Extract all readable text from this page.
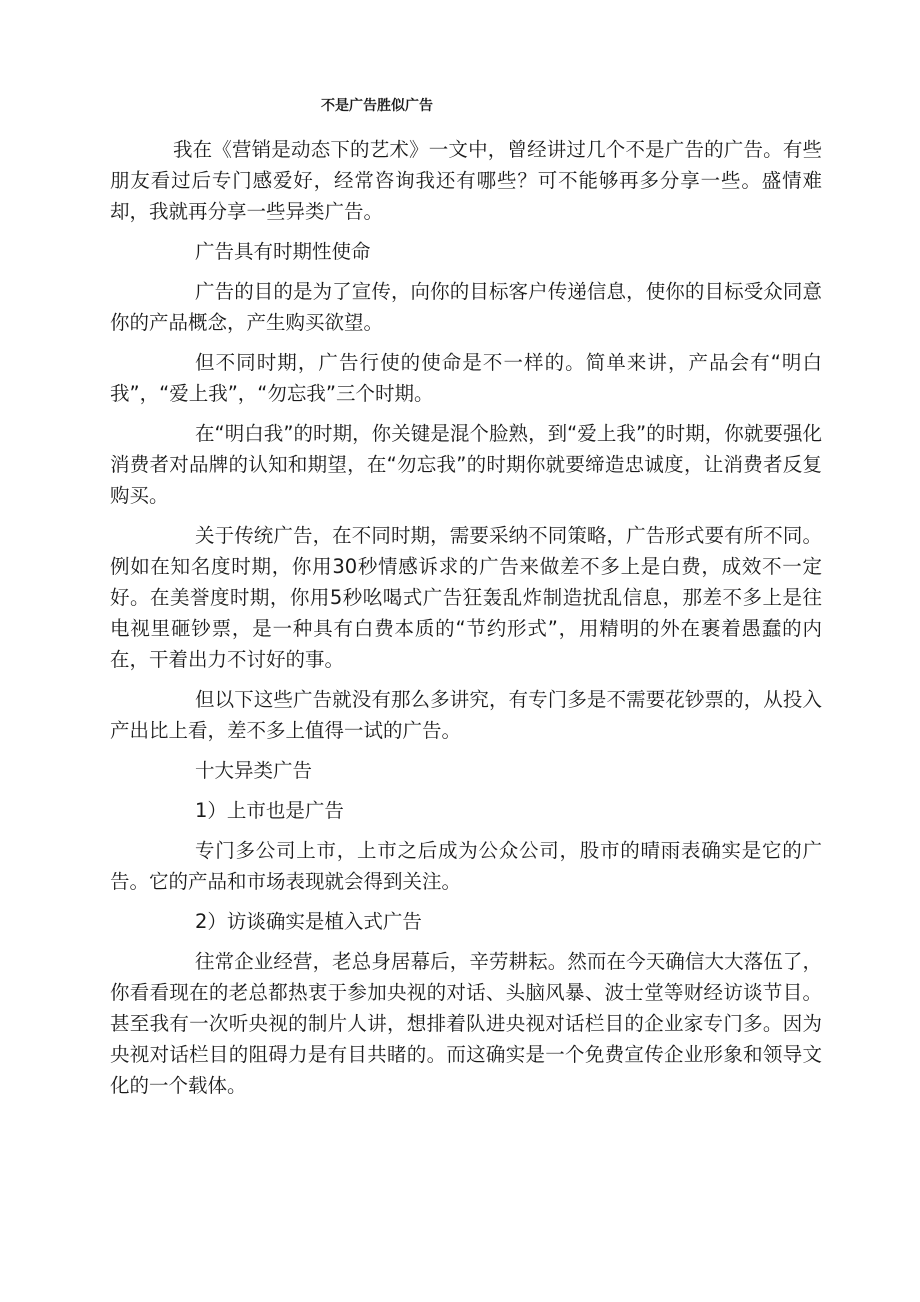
不是广告胜似广告

我在《营销是动态下的艺术》一文中，曾经讲过几个不是广告的广告。有些朋友看过后专门感爱好，经常咨询我还有哪些？可不能够再多分享一些。盛情难却，我就再分享一些异类广告。

广告具有时期性使命

广告的目的是为了宣传，向你的目标客户传递信息，使你的目标受众同意你的产品概念，产生购买欲望。

但不同时期，广告行使的使命是不一样的。简单来讲，产品会有“明白我”，“爱上我”，“勿忘我”三个时期。

在“明白我”的时期，你关键是混个脸熟，到“爱上我”的时期，你就要强化消费者对品牌的认知和期望，在“勿忘我”的时期你就要缔造忠诚度，让消费者反复购买。

关于传统广告，在不同时期，需要采纳不同策略，广告形式要有所不同。例如在知名度时期，你用30秒情感诉求的广告来做差不多上是白费，成效不一定好。在美誉度时期，你用5秒吆喝式广告狂轰乱炸制造扰乱信息，那差不多上是往电视里砸钞票，是一种具有白费本质的“节约形式”，用精明的外在裹着愚蠢的内在，干着出力不讨好的事。

但以下这些广告就没有那么多讲究，有专门多是不需要花钞票的，从投入产出比上看，差不多上值得一试的广告。

十大异类广告

1）上市也是广告

专门多公司上市，上市之后成为公众公司，股市的晴雨表确实是它的广告。它的产品和市场表现就会得到关注。

2）访谈确实是植入式广告

往常企业经营，老总身居幕后，辛劳耕耘。然而在今天确信大大落伍了，你看看现在的老总都热衷于参加央视的对话、头脑风暴、波士堂等财经访谈节目。甚至我有一次听央视的制片人讲，想排着队进央视对话栏目的企业家专门多。因为央视对话栏目的阻碍力是有目共睹的。而这确实是一个免费宣传企业形象和领导文化的一个载体。
